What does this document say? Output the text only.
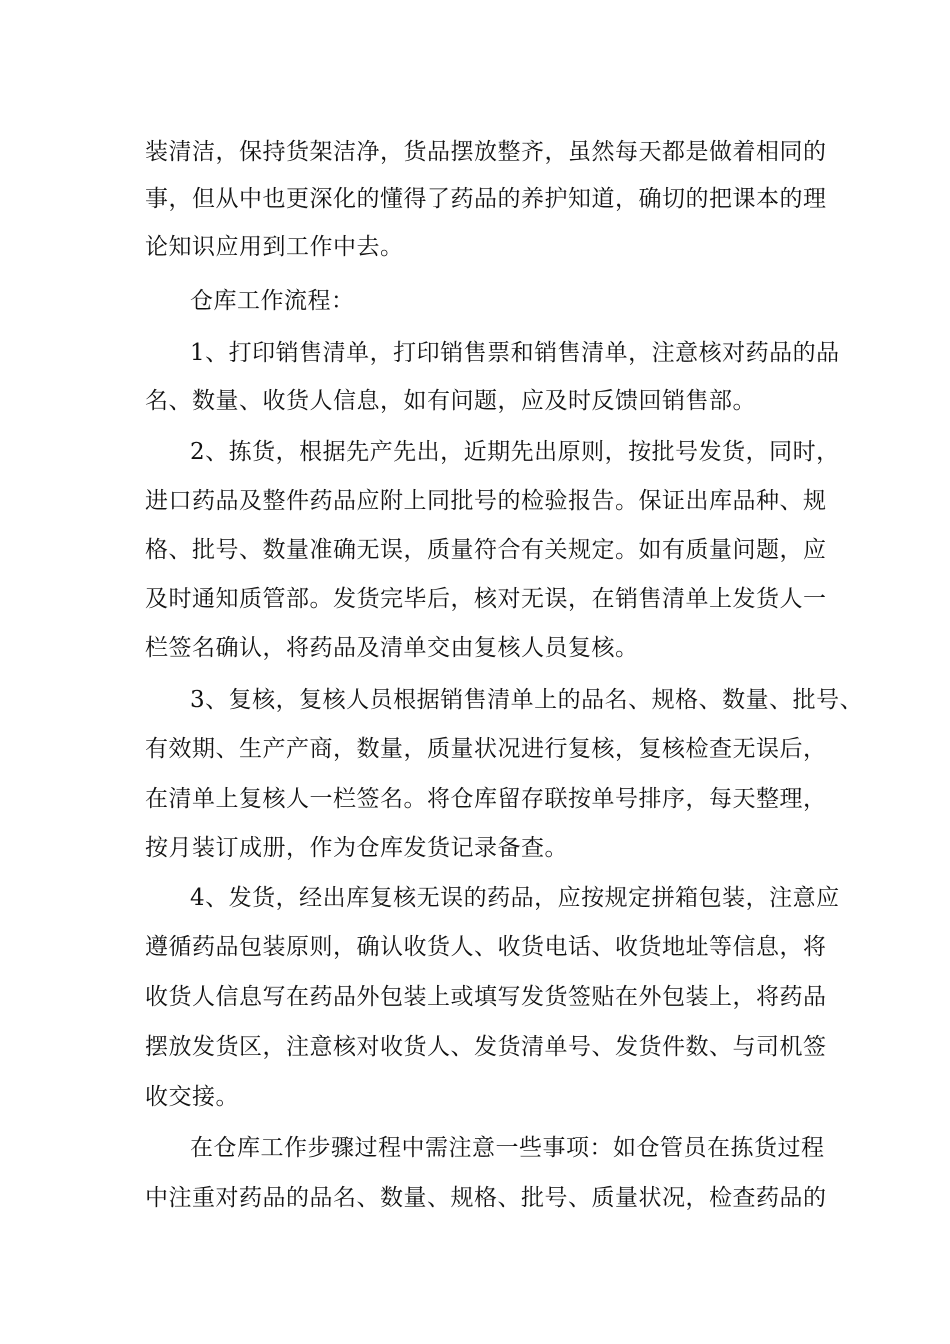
装清洁，保持货架洁净，货品摆放整齐，虽然每天都是做着相同的
事，但从中也更深化的懂得了药品的养护知道，确切的把课本的理
论知识应用到工作中去。
仓库工作流程：
1、打印销售清单，打印销售票和销售清单，注意核对药品的品
名、数量、收货人信息，如有问题，应及时反馈回销售部。
2、拣货，根据先产先出，近期先出原则，按批号发货，同时，
进口药品及整件药品应附上同批号的检验报告。保证出库品种、规
格、批号、数量准确无误，质量符合有关规定。如有质量问题，应
及时通知质管部。发货完毕后，核对无误，在销售清单上发货人一
栏签名确认，将药品及清单交由复核人员复核。
3、复核，复核人员根据销售清单上的品名、规格、数量、批号、
有效期、生产产商，数量，质量状况进行复核，复核检查无误后，
在清单上复核人一栏签名。将仓库留存联按单号排序，每天整理，
按月装订成册，作为仓库发货记录备查。
4、发货，经出库复核无误的药品，应按规定拼箱包装，注意应
遵循药品包装原则，确认收货人、收货电话、收货地址等信息，将
收货人信息写在药品外包装上或填写发货签贴在外包装上，将药品
摆放发货区，注意核对收货人、发货清单号、发货件数、与司机签
收交接。
在仓库工作步骤过程中需注意一些事项：如仓管员在拣货过程
中注重对药品的品名、数量、规格、批号、质量状况，检查药品的
